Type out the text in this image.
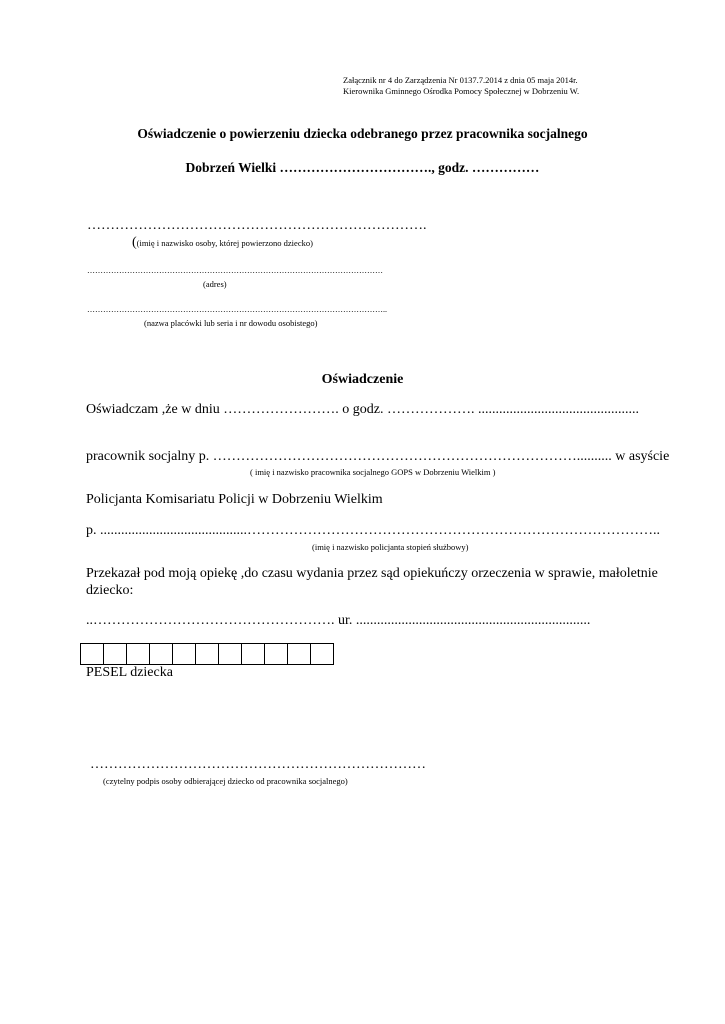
Załącznik nr 4 do Zarządzenia Nr 0137.7.2014 z dnia 05 maja 2014r.
Kierownika Gminnego Ośrodka Pomocy Społecznej w Dobrzeniu W.
Oświadczenie o powierzeniu dziecka odebranego przez pracownika socjalnego
Dobrzeń Wielki ……………………………., godz. ……………
……………………………………………………………….
((imię i nazwisko osoby, której powierzono dziecko)
…………………………………………………………………………………………………
(adres)
…………………………………………………………………………………………………..
(nazwa placówki lub seria i nr dowodu osobistego)
Oświadczenie
Oświadczam ,że w dniu ……………………. o godz. ………………. ..............................................
pracownik socjalny p. …………………………………………………………………….......... w asyście
( imię i nazwisko pracownika socjalnego GOPS w Dobrzeniu Wielkim )
Policjanta Komisariatu Policji w Dobrzeniu Wielkim
p. ..........................................……………………………………………………………………………..
(imię i nazwisko policjanta stopień służbowy)
Przekazał pod moją opiekę ,do czasu wydania przez sąd opiekuńczy orzeczenia w sprawie, małoletnie
dziecko:
..……………………………………………. ur. ...................................................................

PESEL dziecka
………………………………………………………………
(czytelny podpis osoby odbierającej dziecko od pracownika socjalnego)
